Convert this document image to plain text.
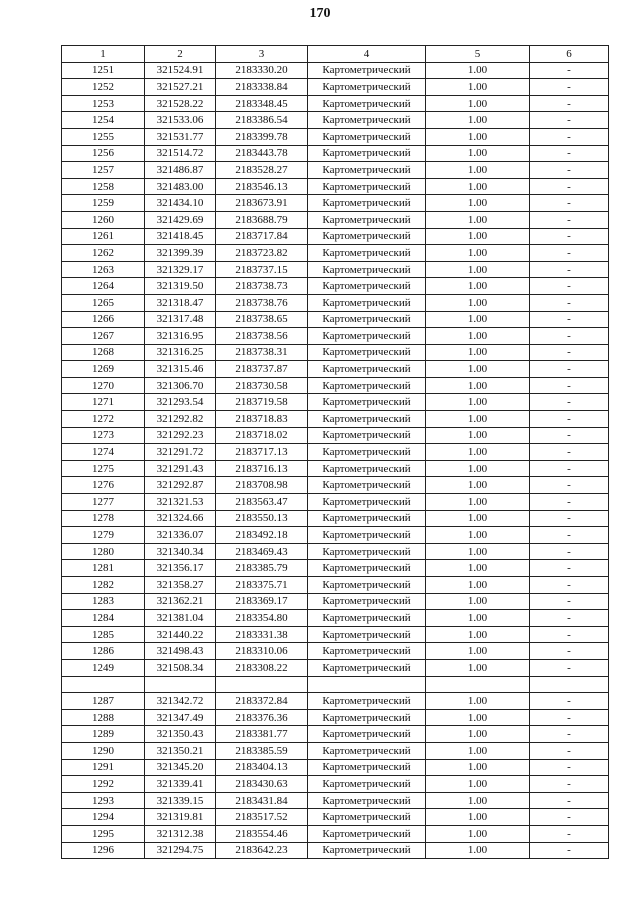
170
1	2	3	4	5	6
1251	321524.91	2183330.20	Картометрический	1.00	-
1252	321527.21	2183338.84	Картометрический	1.00	-
1253	321528.22	2183348.45	Картометрический	1.00	-
1254	321533.06	2183386.54	Картометрический	1.00	-
1255	321531.77	2183399.78	Картометрический	1.00	-
1256	321514.72	2183443.78	Картометрический	1.00	-
1257	321486.87	2183528.27	Картометрический	1.00	-
1258	321483.00	2183546.13	Картометрический	1.00	-
1259	321434.10	2183673.91	Картометрический	1.00	-
1260	321429.69	2183688.79	Картометрический	1.00	-
1261	321418.45	2183717.84	Картометрический	1.00	-
1262	321399.39	2183723.82	Картометрический	1.00	-
1263	321329.17	2183737.15	Картометрический	1.00	-
1264	321319.50	2183738.73	Картометрический	1.00	-
1265	321318.47	2183738.76	Картометрический	1.00	-
1266	321317.48	2183738.65	Картометрический	1.00	-
1267	321316.95	2183738.56	Картометрический	1.00	-
1268	321316.25	2183738.31	Картометрический	1.00	-
1269	321315.46	2183737.87	Картометрический	1.00	-
1270	321306.70	2183730.58	Картометрический	1.00	-
1271	321293.54	2183719.58	Картометрический	1.00	-
1272	321292.82	2183718.83	Картометрический	1.00	-
1273	321292.23	2183718.02	Картометрический	1.00	-
1274	321291.72	2183717.13	Картометрический	1.00	-
1275	321291.43	2183716.13	Картометрический	1.00	-
1276	321292.87	2183708.98	Картометрический	1.00	-
1277	321321.53	2183563.47	Картометрический	1.00	-
1278	321324.66	2183550.13	Картометрический	1.00	-
1279	321336.07	2183492.18	Картометрический	1.00	-
1280	321340.34	2183469.43	Картометрический	1.00	-
1281	321356.17	2183385.79	Картометрический	1.00	-
1282	321358.27	2183375.71	Картометрический	1.00	-
1283	321362.21	2183369.17	Картометрический	1.00	-
1284	321381.04	2183354.80	Картометрический	1.00	-
1285	321440.22	2183331.38	Картометрический	1.00	-
1286	321498.43	2183310.06	Картометрический	1.00	-
1249	321508.34	2183308.22	Картометрический	1.00	-

1287	321342.72	2183372.84	Картометрический	1.00	-
1288	321347.49	2183376.36	Картометрический	1.00	-
1289	321350.43	2183381.77	Картометрический	1.00	-
1290	321350.21	2183385.59	Картометрический	1.00	-
1291	321345.20	2183404.13	Картометрический	1.00	-
1292	321339.41	2183430.63	Картометрический	1.00	-
1293	321339.15	2183431.84	Картометрический	1.00	-
1294	321319.81	2183517.52	Картометрический	1.00	-
1295	321312.38	2183554.46	Картометрический	1.00	-
1296	321294.75	2183642.23	Картометрический	1.00	-
